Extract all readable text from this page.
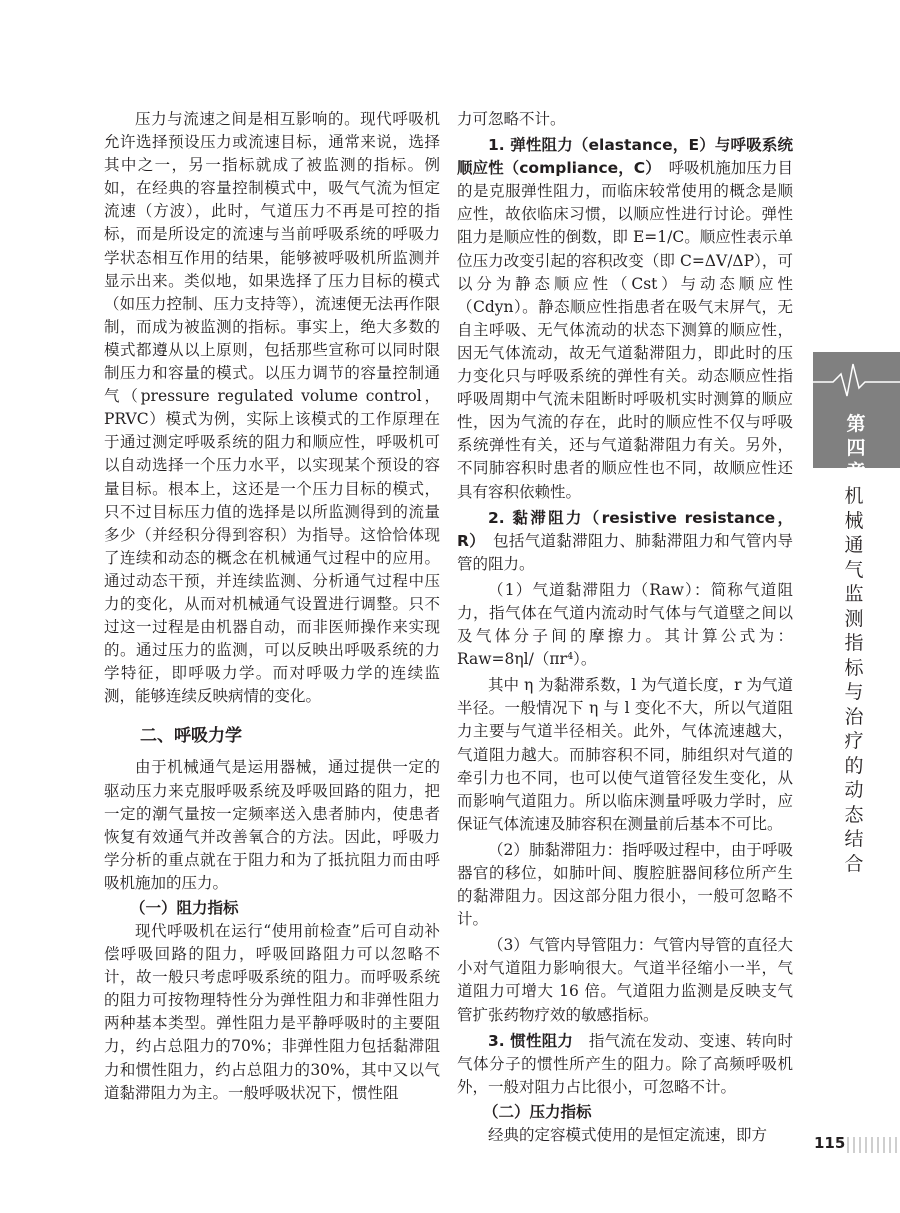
压力与流速之间是相互影响的。现代呼吸机允许选择预设压力或流速目标，通常来说，选择其中之一，另一指标就成了被监测的指标。例如，在经典的容量控制模式中，吸气气流为恒定流速（方波），此时，气道压力不再是可控的指标，而是所设定的流速与当前呼吸系统的呼吸力学状态相互作用的结果，能够被呼吸机所监测并显示出来。类似地，如果选择了压力目标的模式（如压力控制、压力支持等），流速便无法再作限制，而成为被监测的指标。事实上，绝大多数的模式都遵从以上原则，包括那些宣称可以同时限制压力和容量的模式。以压力调节的容量控制通气（pressure regulated volume control，PRVC）模式为例，实际上该模式的工作原理在于通过测定呼吸系统的阻力和顺应性，呼吸机可以自动选择一个压力水平，以实现某个预设的容量目标。根本上，这还是一个压力目标的模式，只不过目标压力值的选择是以所监测得到的流量多少（并经积分得到容积）为指导。这恰恰体现了连续和动态的概念在机械通气过程中的应用。通过动态干预，并连续监测、分析通气过程中压力的变化，从而对机械通气设置进行调整。只不过这一过程是由机器自动，而非医师操作来实现的。通过压力的监测，可以反映出呼吸系统的力学特征，即呼吸力学。而对呼吸力学的连续监测，能够连续反映病情的变化。

二、呼吸力学

由于机械通气是运用器械，通过提供一定的驱动压力来克服呼吸系统及呼吸回路的阻力，把一定的潮气量按一定频率送入患者肺内，使患者恢复有效通气并改善氧合的方法。因此，呼吸力学分析的重点就在于阻力和为了抵抗阻力而由呼吸机施加的压力。

（一）阻力指标

现代呼吸机在运行“使用前检查”后可自动补偿呼吸回路的阻力，呼吸回路阻力可以忽略不计，故一般只考虑呼吸系统的阻力。而呼吸系统的阻力可按物理特性分为弹性阻力和非弹性阻力两种基本类型。弹性阻力是平静呼吸时的主要阻力，约占总阻力的70%；非弹性阻力包括黏滞阻力和惯性阻力，约占总阻力的30%，其中又以气道黏滞阻力为主。一般呼吸状况下，惯性阻

力可忽略不计。

1. 弹性阻力（elastance，E）与呼吸系统顺应性（compliance，C）　 呼吸机施加压力目的是克服弹性阻力，而临床较常使用的概念是顺应性，故依临床习惯，以顺应性进行讨论。弹性阻力是顺应性的倒数，即 E=1/C。顺应性表示单位压力改变引起的容积改变（即 C=ΔV/ΔP），可以分为静态顺应性（Cst）与动态顺应性（Cdyn）。静态顺应性指患者在吸气末屏气，无自主呼吸、无气体流动的状态下测算的顺应性，因无气体流动，故无气道黏滞阻力，即此时的压力变化只与呼吸系统的弹性有关。动态顺应性指呼吸周期中气流未阻断时呼吸机实时测算的顺应性，因为气流的存在，此时的顺应性不仅与呼吸系统弹性有关，还与气道黏滞阻力有关。另外，不同肺容积时患者的顺应性也不同，故顺应性还具有容积依赖性。

2. 黏滞阻力（resistive resistance，R）　 包括气道黏滞阻力、肺黏滞阻力和气管内导管的阻力。

（1）气道黏滞阻力（Raw）：简称气道阻力，指气体在气道内流动时气体与气道壁之间以及气体分子间的摩擦力。其计算公式为：Raw=8ηl/（πr⁴）。

其中 η 为黏滞系数，l 为气道长度，r 为气道半径。一般情况下 η 与 l 变化不大，所以气道阻力主要与气道半径相关。此外，气体流速越大，气道阻力越大。而肺容积不同，肺组织对气道的牵引力也不同，也可以使气道管径发生变化，从而影响气道阻力。所以临床测量呼吸力学时，应保证气体流速及肺容积在测量前后基本不可比。

（2）肺黏滞阻力：指呼吸过程中，由于呼吸器官的移位，如肺叶间、腹腔脏器间移位所产生的黏滞阻力。因这部分阻力很小，一般可忽略不计。

（3）气管内导管阻力：气管内导管的直径大小对气道阻力影响很大。气道半径缩小一半，气道阻力可增大 16 倍。气道阻力监测是反映支气管扩张药物疗效的敏感指标。

3. 惯性阻力　 指气流在发动、变速、转向时气体分子的惯性所产生的阻力。除了高频呼吸机外，一般对阻力占比很小，可忽略不计。

（二）压力指标

经典的定容模式使用的是恒定流速，即方

第
四
章
机
械
通
气
监
测
指
标
与
治
疗
的
动
态
结
合
115
